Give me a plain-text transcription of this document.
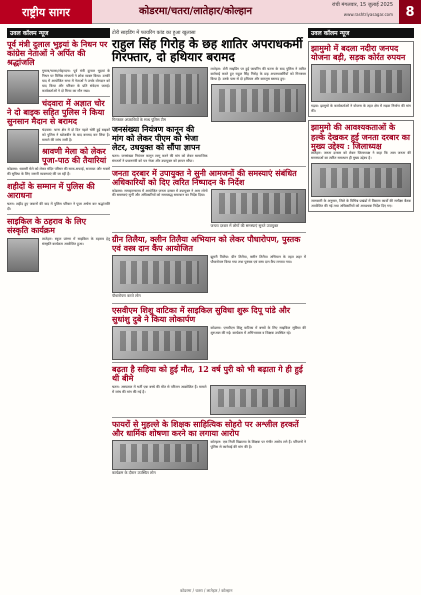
राष्ट्रीय सागर	कोडरमा/चतरा/लातेहार/कोल्हान
रांची मंगलवार, 15 जुलाई 2025
www.rashtriyasagar.com 8
उवल कॉलम न्यूज
पूर्व मंत्री दुलाल भुइयां के निधन पर कांग्रेस नेताओं ने अर्पित की श्रद्धांजलि
गुमला/चतरा/लोहरदगा: पूर्व मंत्री दुलाल भुइयां के निधन पर विभिन्न संगठनों ने शोक व्यक्त किया। उनकी याद में आयोजित सभा में नेताओं ने उनके योगदान को याद किया और परिवार के प्रति संवेदना जताई। कार्यकर्ताओं ने दो मिनट का मौन रखा।
चंदवारा में अज्ञात चोर ने दो बाइक सहित पुलिस ने किया सुनसान मैदान से बरामद
चंदवारा: थाना क्षेत्र में दो दिन पहले चोरी हुई बाइकों को पुलिस ने खोजबीन के बाद बरामद कर लिया है। मामले की जांच जारी है।
श्रावणी मेला को लेकर पूजा-पाठ की तैयारियां
कोडरमा: श्रावणी मेले को लेकर मंदिर परिसर की साफ-सफाई, सजावट और भक्तों की सुविधा के लिए जरूरी व्यवस्थाएं की जा रही हैं।
शहीदों के सम्मान में पुलिस की आराधना
चतरा: शहीद हुए जवानों की याद में पुलिस परिवार ने पूजा अर्चना कर श्रद्धांजलि दी।
साइकिल के ठहराव के लिए संस्कृति कार्यक्रम
लातेहार: स्कूल प्रांगण में साइकिल के ठहराव हेतु संस्कृति कार्यक्रम आयोजित हुआ।
टोरी साइडिंग में फायरिंग कांड का हुआ खुलासा
राहुल सिंह गिरोह के छह शातिर अपराधकर्मी गिरफ्तार, दो हथियार बरामद
गिरफ्तार अपराधियों के साथ पुलिस टीम
जनसंख्या नियंत्रण कानून की मांग को लेकर पीएम को भेजा लेटर, उधयुक्त को सौंपा ज्ञापन
चतरा: जनसंख्या नियंत्रण कानून लागू करने की मांग को लेकर सामाजिक संगठनों ने प्रधानमंत्री को पत्र भेजा और उपायुक्त को ज्ञापन सौंपा।
लातेहार: टोरी साइडिंग पर हुई फायरिंग की घटना के बाद पुलिस ने त्वरित कार्रवाई करते हुए राहुल सिंह गिरोह के छह अपराधकर्मियों को गिरफ्तार किया है। उनके पास से दो हथियार और कारतूस बरामद हुए।
जनता दरबार में उपायुक्त ने सुनी आमजनों की समस्याएं संबंधित अधिकारियों को दिए त्वरित निष्पादन के निर्देश
कोडरमा: समाहरणालय में आयोजित जनता दरबार में उपायुक्त ने आम लोगों की समस्याएं सुनीं और अधिकारियों को समयबद्ध समाधान का निर्देश दिया।
जनता दरबार में लोगों की समस्याएं सुनते उपायुक्त
ग्रीन तिलैया, क्लीन तिलैया अभियान को लेकर पौधारोपण, पुस्तक एवं वस्त्र दान कैंप आयोजित
पौधारोपण करते लोग
झुमरी तिलैया: ग्रीन तिलैया, क्लीन तिलैया अभियान के तहत शहर में पौधारोपण किया गया तथा पुस्तक एवं वस्त्र दान कैंप लगाया गया।
एसवीएम शिशु वाटिका में साइकिल सुविधा शुरू दिपू पांडे और सुधांशु दुबे ने किया लोकार्पण
कोडरमा: एसवीएम शिशु वाटिका में बच्चों के लिए साइकिल सुविधा की शुरुआत की गई। कार्यक्रम में अभिभावक व शिक्षक उपस्थित रहे।
बढ़ता है सहिया को हुई मौत, 12 वर्ष पुरी को भी बढ़ाता गे ही हुई थी बीमे
चतरा: अस्पताल में भर्ती एक बच्चे की मौत से परिजन आक्रोशित हैं। मामले में जांच की मांग की गई है।
फायरों से मुहल्ले के शिक्षक साहित्यिक सोहरो पर अश्लील हरकतें और धार्मिक शोषणा करने का लगाया आरोप
कार्यक्रम के दौरान उपस्थित लोग
कोल्हान: एक निजी विद्यालय के शिक्षक पर गंभीर आरोप लगे हैं। परिजनों ने पुलिस से कार्रवाई की मांग की है।
उवल कॉलम न्यूज
झामुमो में बदला नदीरा जनपद योजना बड़ी, सड़क कोर्रत रुपयन
गढ़वा: झामुमो के कार्यकर्ताओं ने योजना के तहत क्षेत्र में सड़क निर्माण की मांग की।
झामुमो की आवश्यकताओं के हल्के देखकर हुई जनता दरबार का मुख्य उद्देश्य : जिलाध्यक्ष
लातेहार: जनता दरबार को लेकर जिलाध्यक्ष ने कहा कि आम जनता की समस्याओं का त्वरित समाधान ही मुख्य उद्देश्य है।
जानकारी के अनुसार, जिले के विभिन्न प्रखंडों में विकास कार्यों की समीक्षा बैठक आयोजित की गई तथा अधिकारियों को आवश्यक निर्देश दिए गए।
कोडरमा / चतरा / लातेहार / कोल्हान
